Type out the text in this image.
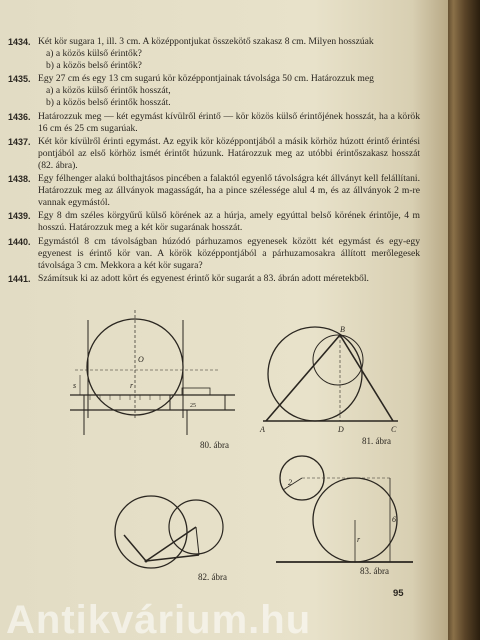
1434. Két kör sugara 1, ill. 3 cm. A középpontjukat összekötő szakasz 8 cm. Milyen hosszúak
a) a közös külső érintők?
b) a közös belső érintők?
1435. Egy 27 cm és egy 13 cm sugarú kör középpontjainak távolsága 50 cm. Határozzuk meg
a) a közös külső érintők hosszát,
b) a közös belső érintők hosszát.
1436. Határozzuk meg — két egymást kívülről érintő — kör közös külső érintőjének hosszát, ha a körök 16 cm és 25 cm sugarúak.
1437. Két kör kívülről érinti egymást. Az egyik kör középpontjából a másik körhöz húzott érintő érintési pontjából az első körhöz ismét érintőt húzunk. Határozzuk meg az utóbbi érintőszakasz hosszát (82. ábra).
1438. Egy félhenger alakú bolthajtásos pincében a falaktól egyenlő távolságra két állványt kell felállítani. Határozzuk meg az állványok magasságát, ha a pince szélessége alul 4 m, és az állványok 2 m-re vannak egymástól.
1439. Egy 8 dm széles körgyűrű külső körének az a húrja, amely egyúttal belső körének érintője, 4 m hosszú. Határozzuk meg a két kör sugarának hosszát.
1440. Egymástól 8 cm távolságban húzódó párhuzamos egyenesek között két egymást és egy-egy egyenest is érintő kör van. A körök középpontjából a párhuzamosakra állított merőlegesek távolsága 3 cm. Mekkora a két kör sugara?
1441. Számítsuk ki az adott kört és egyenest érintő kör sugarát a 83. ábrán adott méretekből.
O
r
s
25
80. ábra
A
B
C
D
81. ábra
82. ábra
2
6
r
83. ábra
95
Antikvárium.hu
